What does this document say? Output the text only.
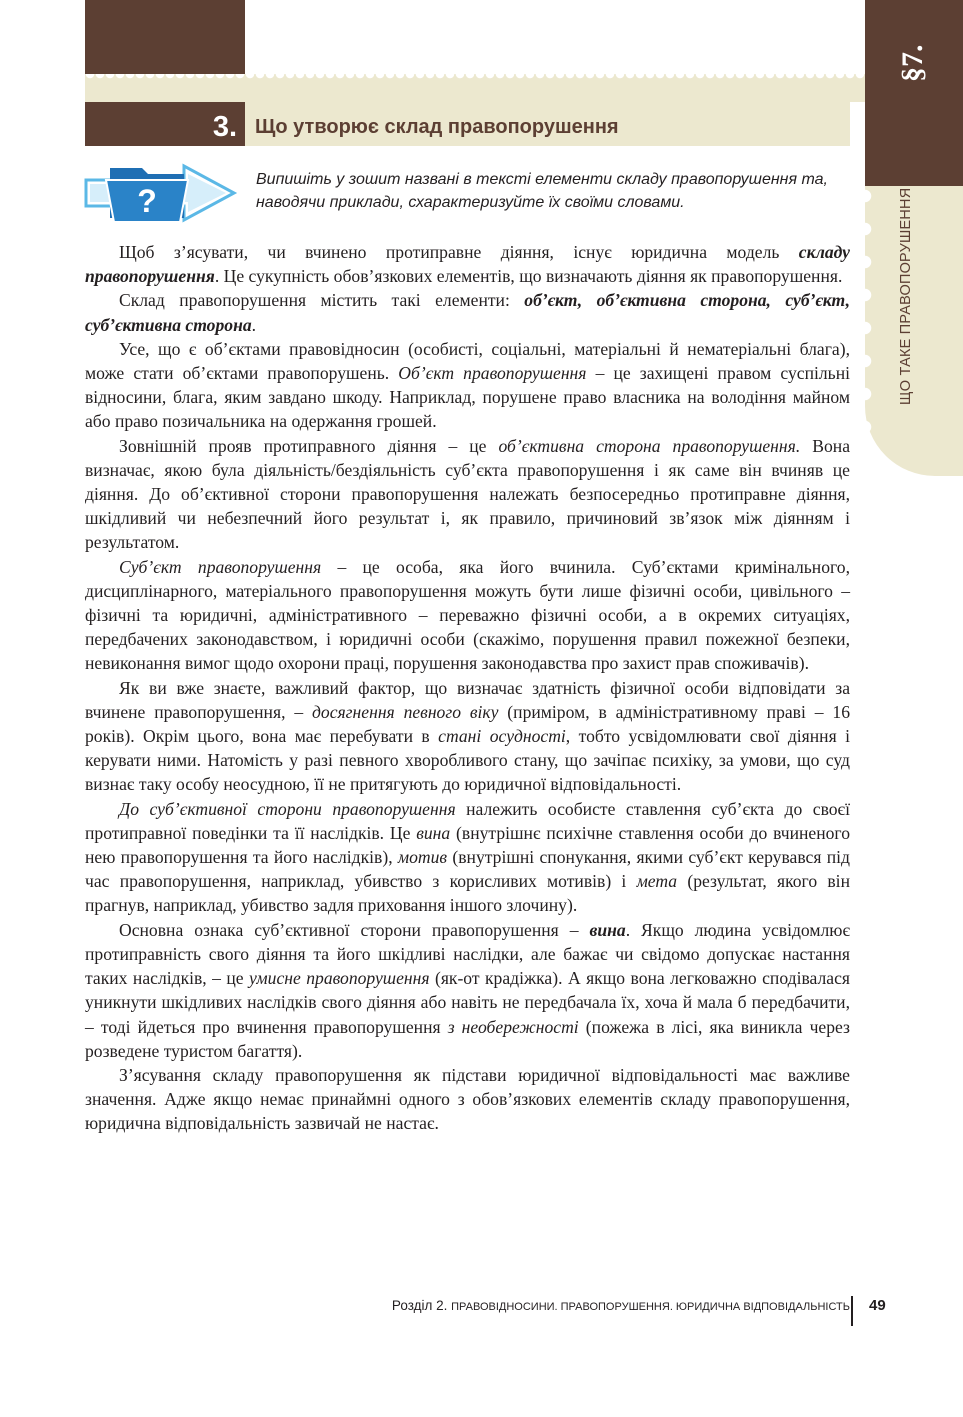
3. Що утворює склад правопорушення
§7.
ЩО ТАКЕ ПРАВОПОРУШЕННЯ
?
Випишіть у зошит названі в тексті елементи складу правопорушення та, наводячи приклади, схарактеризуйте їх своїми словами.

Щоб з’ясувати, чи вчинено протиправне діяння, існує юридична модель складу правопорушення. Це сукупність обов’язкових елементів, що визначають діяння як правопорушення.

Склад правопорушення містить такі елементи: об’єкт, об’єктивна сторона, суб’єкт, суб’єктивна сторона.

Усе, що є об’єктами правовідносин (особисті, соціальні, матеріальні й нематеріальні блага), може стати об’єктами правопорушень. Об’єкт правопорушення – це захищені правом суспільні відносини, блага, яким завдано шкоду. Наприклад, порушене право власника на володіння майном або право позичальника на одержання грошей.

Зовнішній прояв протиправного діяння – це об’єктивна сторона правопорушення. Вона визначає, якою була діяльність/бездіяльність суб’єкта правопорушення і як саме він вчиняв це діяння. До об’єктивної сторони правопорушення належать безпосередньо протиправне діяння, шкідливий чи небезпечний його результат і, як правило, причиновий зв’язок між діянням і результатом.

Суб’єкт правопорушення – це особа, яка його вчинила. Суб’єктами кримінального, дисциплінарного, матеріального правопорушення можуть бути лише фізичні особи, цивільного – фізичні та юридичні, адміністративного – переважно фізичні особи, а в окремих ситуаціях, передбачених законодавством, і юридичні особи (скажімо, порушення правил пожежної безпеки, невиконання вимог щодо охорони праці, порушення законодавства про захист прав споживачів).

Як ви вже знаєте, важливий фактор, що визначає здатність фізичної особи відповідати за вчинене правопорушення, – досягнення певного віку (приміром, в адміністративному праві – 16 років). Окрім цього, вона має перебувати в стані осудності, тобто усвідомлювати свої діяння і керувати ними. Натомість у разі певного хворобливого стану, що зачіпає психіку, за умови, що суд визнає таку особу неосудною, її не притягують до юридичної відповідальності.

До суб’єктивної сторони правопорушення належить особисте ставлення суб’єкта до своєї протиправної поведінки та її наслідків. Це вина (внутрішнє психічне ставлення особи до вчиненого нею правопорушення та його наслідків), мотив (внутрішні спонукання, якими суб’єкт керувався під час правопорушення, наприклад, убивство з корисливих мотивів) і мета (результат, якого він прагнув, наприклад, убивство задля приховання іншого злочину).

Основна ознака суб’єктивної сторони правопорушення – вина. Якщо людина усвідомлює протиправність свого діяння та його шкідливі наслідки, але бажає чи свідомо допускає настання таких наслідків, – це умисне правопорушення (як-от крадіжка). А якщо вона легковажно сподівалася уникнути шкідливих наслідків свого діяння або навіть не передбачала їх, хоча й мала б передбачити, – тоді йдеться про вчинення правопорушення з необережності (пожежа в лісі, яка виникла через розведене туристом багаття).

З’ясування складу правопорушення як підстави юридичної відповідальності має важливе значення. Адже якщо немає принаймні одного з обов’язкових елементів складу правопорушення, юридична відповідальність зазвичай не настає.

Розділ 2. ПРАВОВІДНОСИНИ. ПРАВОПОРУШЕННЯ. ЮРИДИЧНА ВІДПОВІДАЛЬНІСТЬ 49
